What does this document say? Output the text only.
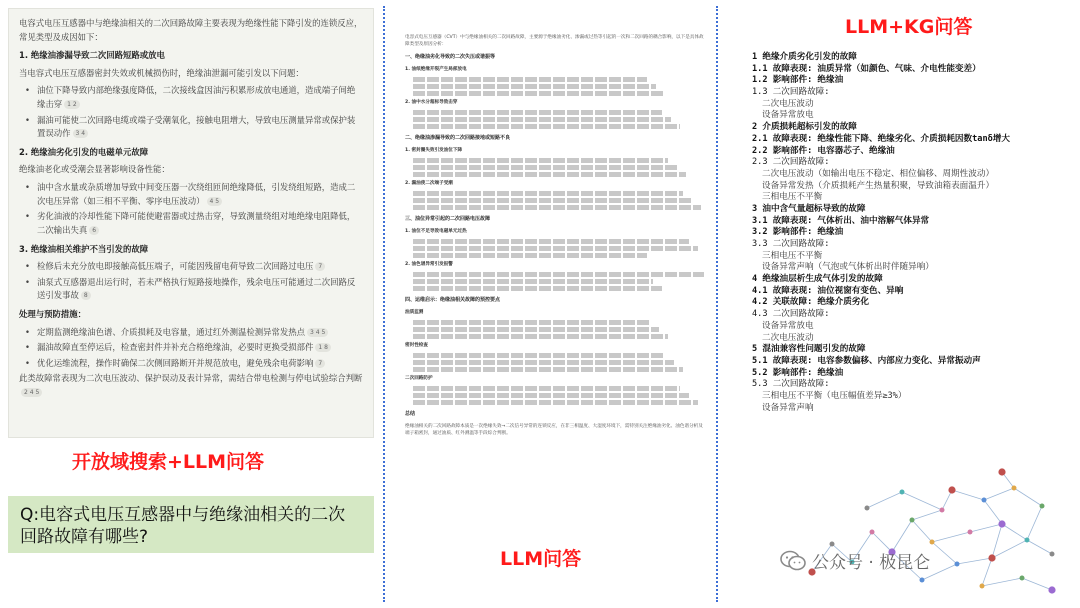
电容式电压互感器中与绝缘油相关的二次回路故障主要表现为绝缘性能下降引发的连锁反应，常见类型及成因如下：

1. 绝缘油渗漏导致二次回路短路或放电

当电容式电压互感器密封失效或机械损伤时，绝缘油泄漏可能引发以下问题：

• 油位下降导致内部绝缘强度降低，二次接线盒因油污积累形成放电通道，造成端子间绝缘击穿 1 2
• 漏油可能使二次回路电缆或端子受潮氧化，接触电阻增大，导致电压测量异常或保护装置误动作 3 4

2. 绝缘油劣化引发的电磁单元故障

绝缘油老化或受潮会显著影响设备性能：

• 油中含水量或杂质增加导致中间变压器一次绕组匝间绝缘降低，引发绕组短路，造成二次电压异常（如三相不平衡、零序电压波动） 4 5
• 劣化油液的冷却性能下降可能使避雷器或过热击穿，导致测量绕组对地绝缘电阻降低，二次输出失真 6

3. 绝缘油相关维护不当引发的故障

• 检修后未充分放电即接触高低压端子，可能因残留电荷导致二次回路过电压 7
• 油泵式互感器退出运行时，若未严格执行短路接地操作，残余电压可能通过二次回路反送引发事故 8

处理与预防措施：

• 定期监测绝缘油色谱、介质损耗及电容量，通过红外测温检测异常发热点 3 4 5
• 漏油故障直至停运后，检查密封件并补充合格绝缘油，必要时更换受损部件 1 8
• 优化运维流程，操作时确保二次侧回路断开并规范放电，避免残余电荷影响 7

此类故障常表现为二次电压波动、保护误动及表计异常，需结合带电检测与停电试验综合判断2 4 5

开放域搜索+LLM问答
Q:电容式电压互感器中与绝缘油相关的二次回路故障有哪些?

电容式电压互感器（CVT）中与绝缘油相关的二次回路故障，主要源于绝缘油劣化、渗漏或过热等引起的一次和二次回路的耦合影响，以下是具体故障类型及原因分析：

一、绝缘油劣化导致的二次失压或谐振等

1. 油纸绝缘开裂产生局部放电

2. 油中水分超标导致击穿

二、绝缘油渗漏导致的二次回路接地或短路不良

1. 密封圈失效引发油位下降

2. 漏油使二次端子受潮

三、油位异常引起的二次回路电压故障

1. 油位不足导致电磁单元过热

2. 油色谱异常引发报警

四、运维启示：绝缘油相关故障的预控要点

油质监测

密封性检查

二次回路防护

总结

绝缘油相关的二次回路故障本质是一次绝缘失效→二次信号异常的连锁反应，在非三相温度、大湿度环境下，需特别关注绝缘油劣化、油色谱分析及端子箱密封，通过油质、红外测温等手段综合判断。

LLM问答
LLM+KG问答
1 绝缘介质劣化引发的故障
1.1 故障表现: 油质异常（如颜色、气味、介电性能变差）
1.2 影响部件: 绝缘油
1.3 二次回路故障:
二次电压波动
设备异常放电
2 介质损耗超标引发的故障
2.1 故障表现: 绝缘性能下降、绝缘劣化、介质损耗因数tanδ增大
2.2 影响部件: 电容器芯子、绝缘油
2.3 二次回路故障:
二次电压波动（如输出电压不稳定、相位偏移、周期性波动）
设备异常发热（介质损耗产生热量积聚，导致油箱表面温升）
三相电压不平衡
3 油中含气量超标导致的故障
3.1 故障表现: 气体析出、油中溶解气体异常
3.2 影响部件: 绝缘油
3.3 二次回路故障:
三相电压不平衡
设备异常声响（气泡或气体析出时伴随异响）
4 绝缘油层析生成气体引发的故障
4.1 故障表现: 油位视窗有变色、异响
4.2 关联故障: 绝缘介质劣化
4.3 二次回路故障:
设备异常放电
二次电压波动
5 混油兼容性问题引发的故障
5.1 故障表现: 电容参数偏移、内部应力变化、异常振动声
5.2 影响部件: 绝缘油
5.3 二次回路故障:
三相电压不平衡（电压幅值差异≥3%）
设备异常声响
公众号 · 极昆仑
